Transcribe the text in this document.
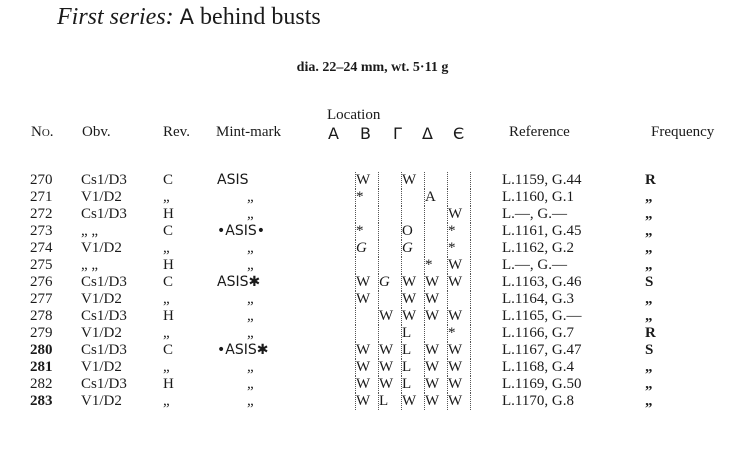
First series: A behind busts
dia. 22–24 mm, wt. 5·11 g
Location
No. Obv.	Rev. Mint-mark	A B Γ Δ Є	Reference	Frequency
270	Cs1/D3	C	ASIS	W		W				L.1159, G.44	R
271	V1/D2	„	„	*			A			L.1160, G.1	„
272	Cs1/D3	H	„					W		L.—, G.—	„
273	„ „	C	•ASIS•	*		O		*		L.1161, G.45	„
274	V1/D2	„	„	G		G		*		L.1162, G.2	„
275	„ „	H	„				*	W		L.—, G.—	„
276	Cs1/D3	C	ASIS✱	W	G	W	W	W		L.1163, G.46	S
277	V1/D2	„	„	W		W	W			L.1164, G.3	„
278	Cs1/D3	H	„		W	W	W	W		L.1165, G.—	„
279	V1/D2	„	„			L		*		L.1166, G.7	R
280	Cs1/D3	C	•ASIS✱	W	W	L	W	W		L.1167, G.47	S
281	V1/D2	„	„	W	W	L	W	W		L.1168, G.4	„
282	Cs1/D3	H	„	W	W	L	W	W		L.1169, G.50	„
283	V1/D2	„	„	W	L	W	W	W		L.1170, G.8	„
